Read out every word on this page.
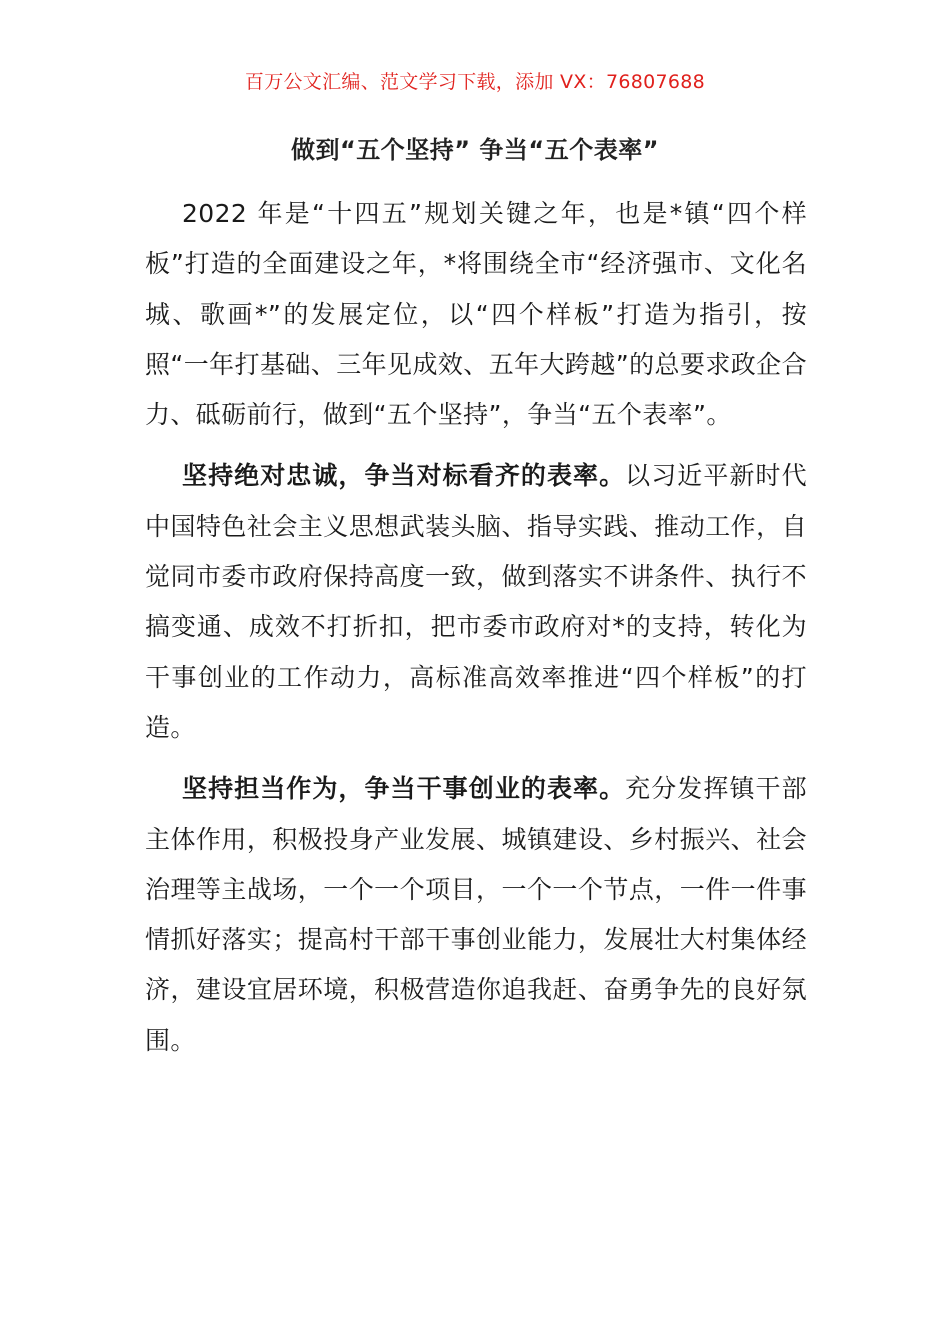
百万公文汇编、范文学习下载，添加 VX：76807688
做到“五个坚持” 争当“五个表率”

2022 年是“十四五”规划关键之年，也是*镇“四个样板”打造的全面建设之年，*将围绕全市“经济强市、文化名城、歌画*”的发展定位，以“四个样板”打造为指引，按照“一年打基础、三年见成效、五年大跨越”的总要求政企合力、砥砺前行，做到“五个坚持”，争当“五个表率”。

坚持绝对忠诚，争当对标看齐的表率。以习近平新时代中国特色社会主义思想武装头脑、指导实践、推动工作，自觉同市委市政府保持高度一致，做到落实不讲条件、执行不搞变通、成效不打折扣，把市委市政府对*的支持，转化为干事创业的工作动力，高标准高效率推进“四个样板”的打造。

坚持担当作为，争当干事创业的表率。充分发挥镇干部主体作用，积极投身产业发展、城镇建设、乡村振兴、社会治理等主战场，一个一个项目，一个一个节点，一件一件事情抓好落实；提高村干部干事创业能力，发展壮大村集体经济，建设宜居环境，积极营造你追我赶、奋勇争先的良好氛围。
